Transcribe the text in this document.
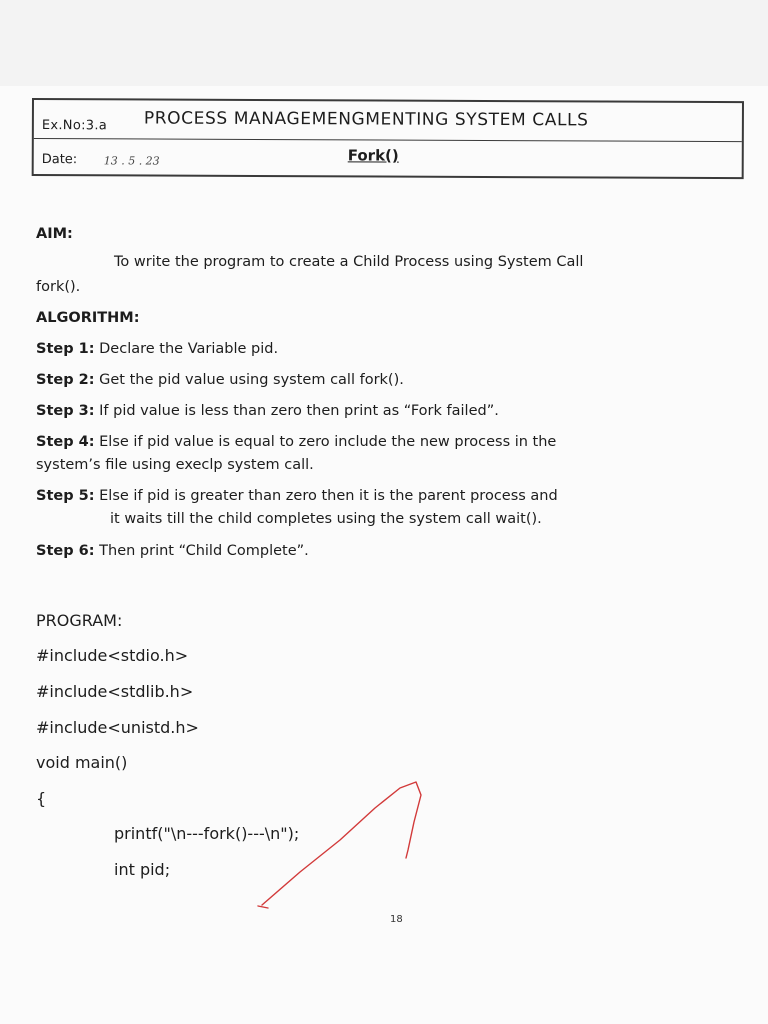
Ex.No:3.a PROCESS MANAGEMENGMENTING SYSTEM CALLS
Date: 13 . 5 . 23	Fork()
AIM:
To write the program to create a Child Process using System Call
fork().
ALGORITHM:
Step 1: Declare the Variable pid.
Step 2: Get the pid value using system call fork().
Step 3: If pid value is less than zero then print as “Fork failed”.
Step 4: Else if pid value is equal to zero include the new process in the
system’s file using execlp system call.
Step 5: Else if pid is greater than zero then it is the parent process and
it waits till the child completes using the system call wait().
Step 6: Then print “Child Complete”.
PROGRAM:
#include<stdio.h>
#include<stdlib.h>
#include<unistd.h>
void main()
{
printf("\n---fork()---\n");
int pid;
18
